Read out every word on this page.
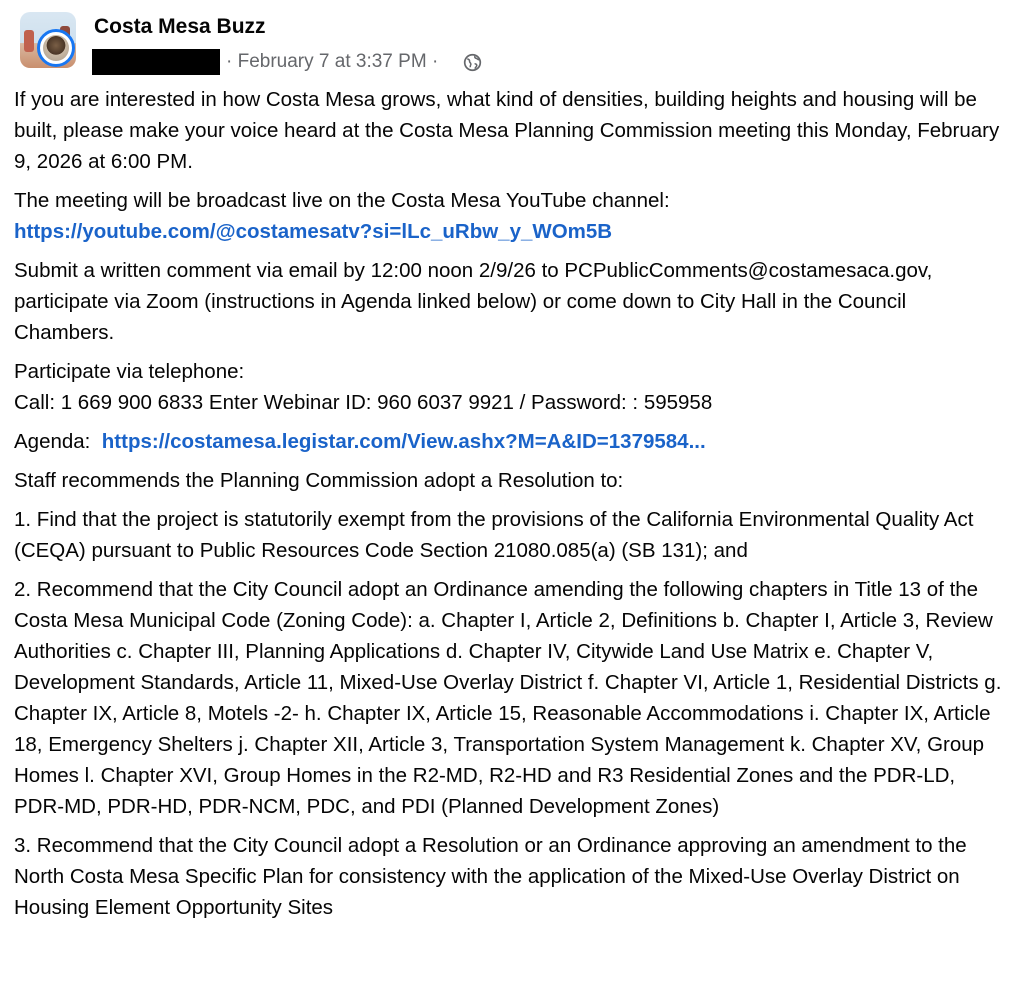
Costa Mesa Buzz
· February 7 at 3:37 PM ·

If you are interested in how Costa Mesa grows, what kind of densities, building heights and housing will be built, please make your voice heard at the Costa Mesa Planning Commission meeting this Monday, February 9, 2026 at 6:00 PM.

The meeting will be broadcast live on the Costa Mesa YouTube channel:
https://youtube.com/@costamesatv?si=lLc_uRbw_y_WOm5B

Submit a written comment via email by 12:00 noon 2/9/26 to PCPublicComments@costamesaca.gov, participate via Zoom (instructions in Agenda linked below) or come down to City Hall in the Council Chambers.

Participate via telephone:
Call: 1 669 900 6833 Enter Webinar ID: 960 6037 9921 / Password: : 595958

Agenda: https://costamesa.legistar.com/View.ashx?M=A&ID=1379584...

Staff recommends the Planning Commission adopt a Resolution to:

1. Find that the project is statutorily exempt from the provisions of the California Environmental Quality Act (CEQA) pursuant to Public Resources Code Section 21080.085(a) (SB 131); and

2. Recommend that the City Council adopt an Ordinance amending the following chapters in Title 13 of the Costa Mesa Municipal Code (Zoning Code): a. Chapter I, Article 2, Definitions b. Chapter I, Article 3, Review Authorities c. Chapter III, Planning Applications d. Chapter IV, Citywide Land Use Matrix e. Chapter V, Development Standards, Article 11, Mixed-Use Overlay District f. Chapter VI, Article 1, Residential Districts g. Chapter IX, Article 8, Motels -2- h. Chapter IX, Article 15, Reasonable Accommodations i. Chapter IX, Article 18, Emergency Shelters j. Chapter XII, Article 3, Transportation System Management k. Chapter XV, Group Homes l. Chapter XVI, Group Homes in the R2-MD, R2-HD and R3 Residential Zones and the PDR-LD, PDR-MD, PDR-HD, PDR-NCM, PDC, and PDI (Planned Development Zones)

3. Recommend that the City Council adopt a Resolution or an Ordinance approving an amendment to the North Costa Mesa Specific Plan for consistency with the application of the Mixed-Use Overlay District on Housing Element Opportunity Sites
